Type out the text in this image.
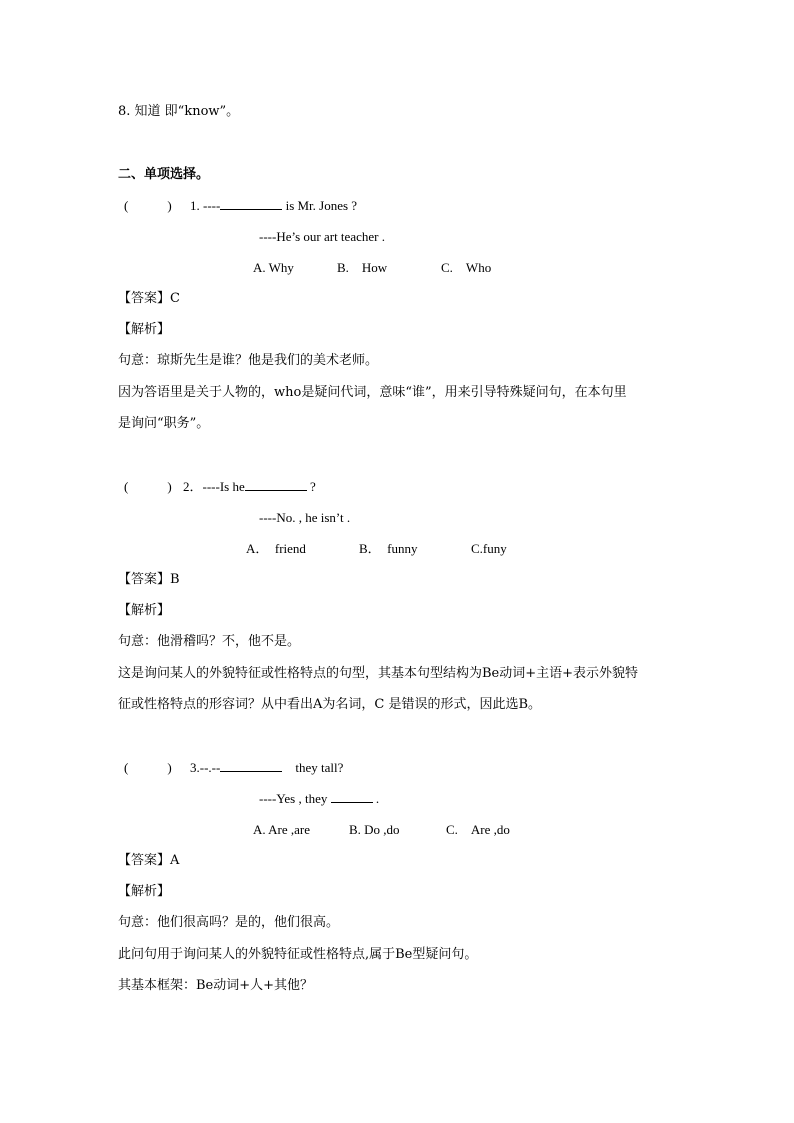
8. 知道 即“know”。
二、单项选择。
(　　　) 1. ----	is Mr. Jones ?
----He’s our art teacher .
A. Why	B.　How	C.　Who
【答案】C
【解析】
句意：琼斯先生是谁？他是我们的美术老师。
因为答语里是关于人物的，who是疑问代词，意味“谁”，用来引导特殊疑问句，在本句里
是询问“职务”。
(　　　) 2．----Is he	?
----No. , he isn’t .
A．　friend	B．　funny	C.funy
【答案】B
【解析】
句意：他滑稽吗？不，他不是。
这是询问某人的外貌特征或性格特点的句型，其基本句型结构为Be动词+主语+表示外貌特
征或性格特点的形容词？从中看出A为名词，C 是错误的形式，因此选B。
(　　　) 3.--.--	　they tall?
----Yes , they	.
A. Are ,are	B. Do ,do	C.　Are ,do
【答案】A
【解析】
句意：他们很高吗？是的，他们很高。
此问句用于询问某人的外貌特征或性格特点,属于Be型疑问句。
其基本框架：Be动词+人+其他？
